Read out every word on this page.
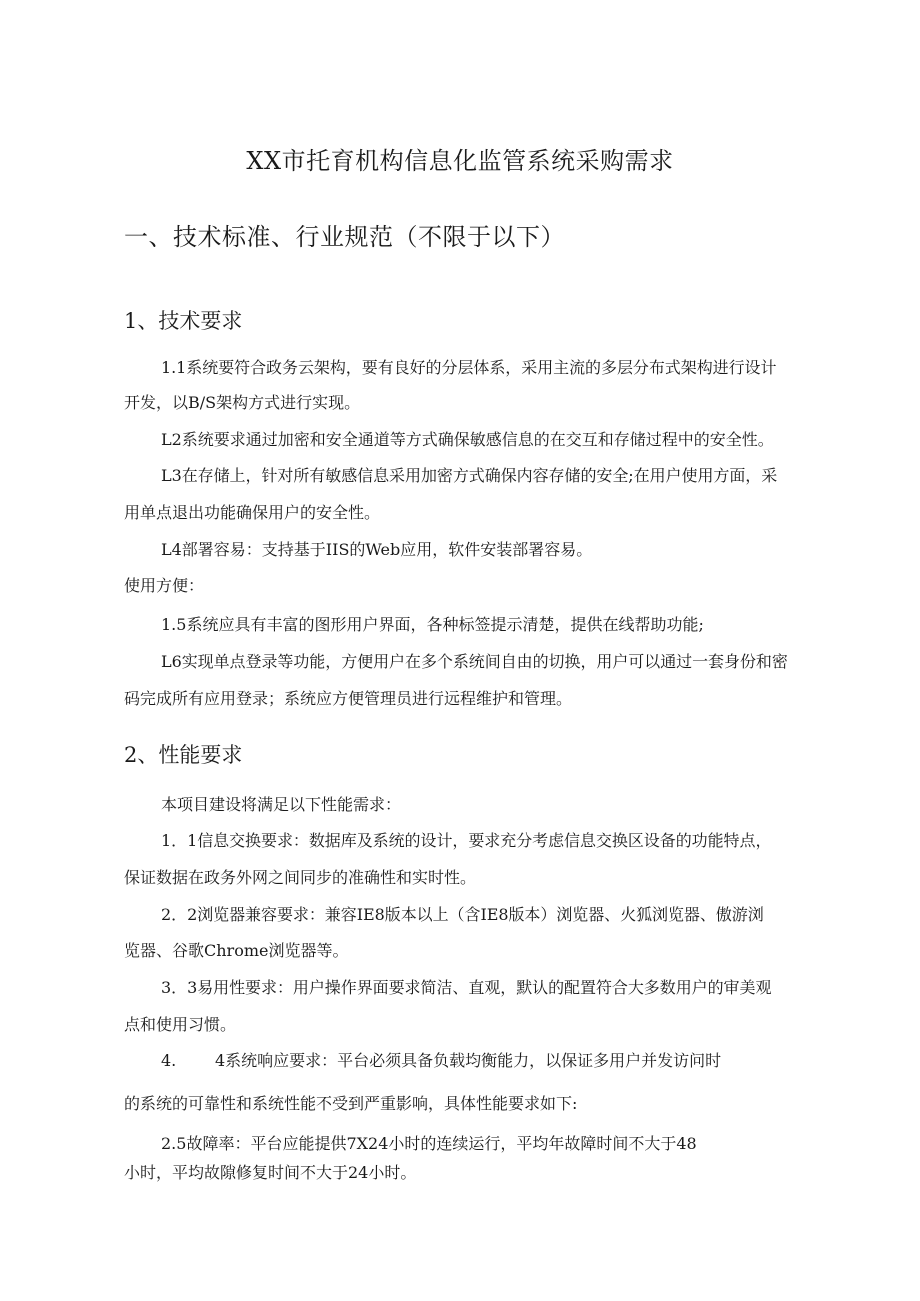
XX市托育机构信息化监管系统采购需求
一、技术标准、行业规范（不限于以下）
1、技术要求
1.1系统要符合政务云架构，要有良好的分层体系，采用主流的多层分布式架构进行设计
开发，以B/S架构方式进行实现。
L2系统要求通过加密和安全通道等方式确保敏感信息的在交互和存储过程中的安全性。
L3在存储上，针对所有敏感信息采用加密方式确保内容存储的安全;在用户使用方面，采
用单点退出功能确保用户的安全性。
L4部署容易：支持基于IIS的Web应用，软件安装部署容易。
使用方便：
1.5系统应具有丰富的图形用户界面，各种标签提示清楚，提供在线帮助功能;
L6实现单点登录等功能，方便用户在多个系统间自由的切换，用户可以通过一套身份和密
码完成所有应用登录；系统应方便管理员进行远程维护和管理。
2、性能要求
本项目建设将满足以下性能需求：
1．1信息交换要求：数据库及系统的设计，要求充分考虑信息交换区设备的功能特点，
保证数据在政务外网之间同步的准确性和实时性。
2．2浏览器兼容要求：兼容IE8版本以上（含IE8版本）浏览器、火狐浏览器、傲游浏
览器、谷歌Chrome浏览器等。
3．3易用性要求：用户操作界面要求简洁、直观，默认的配置符合大多数用户的审美观
点和使用习惯。
4. 4系统响应要求：平台必须具备负载均衡能力，以保证多用户并发访问时
的系统的可靠性和系统性能不受到严重影响，具体性能要求如下:
2.5故障率：平台应能提供7X24小时的连续运行，平均年故障时间不大于48
小时，平均故隙修复时间不大于24小时。
